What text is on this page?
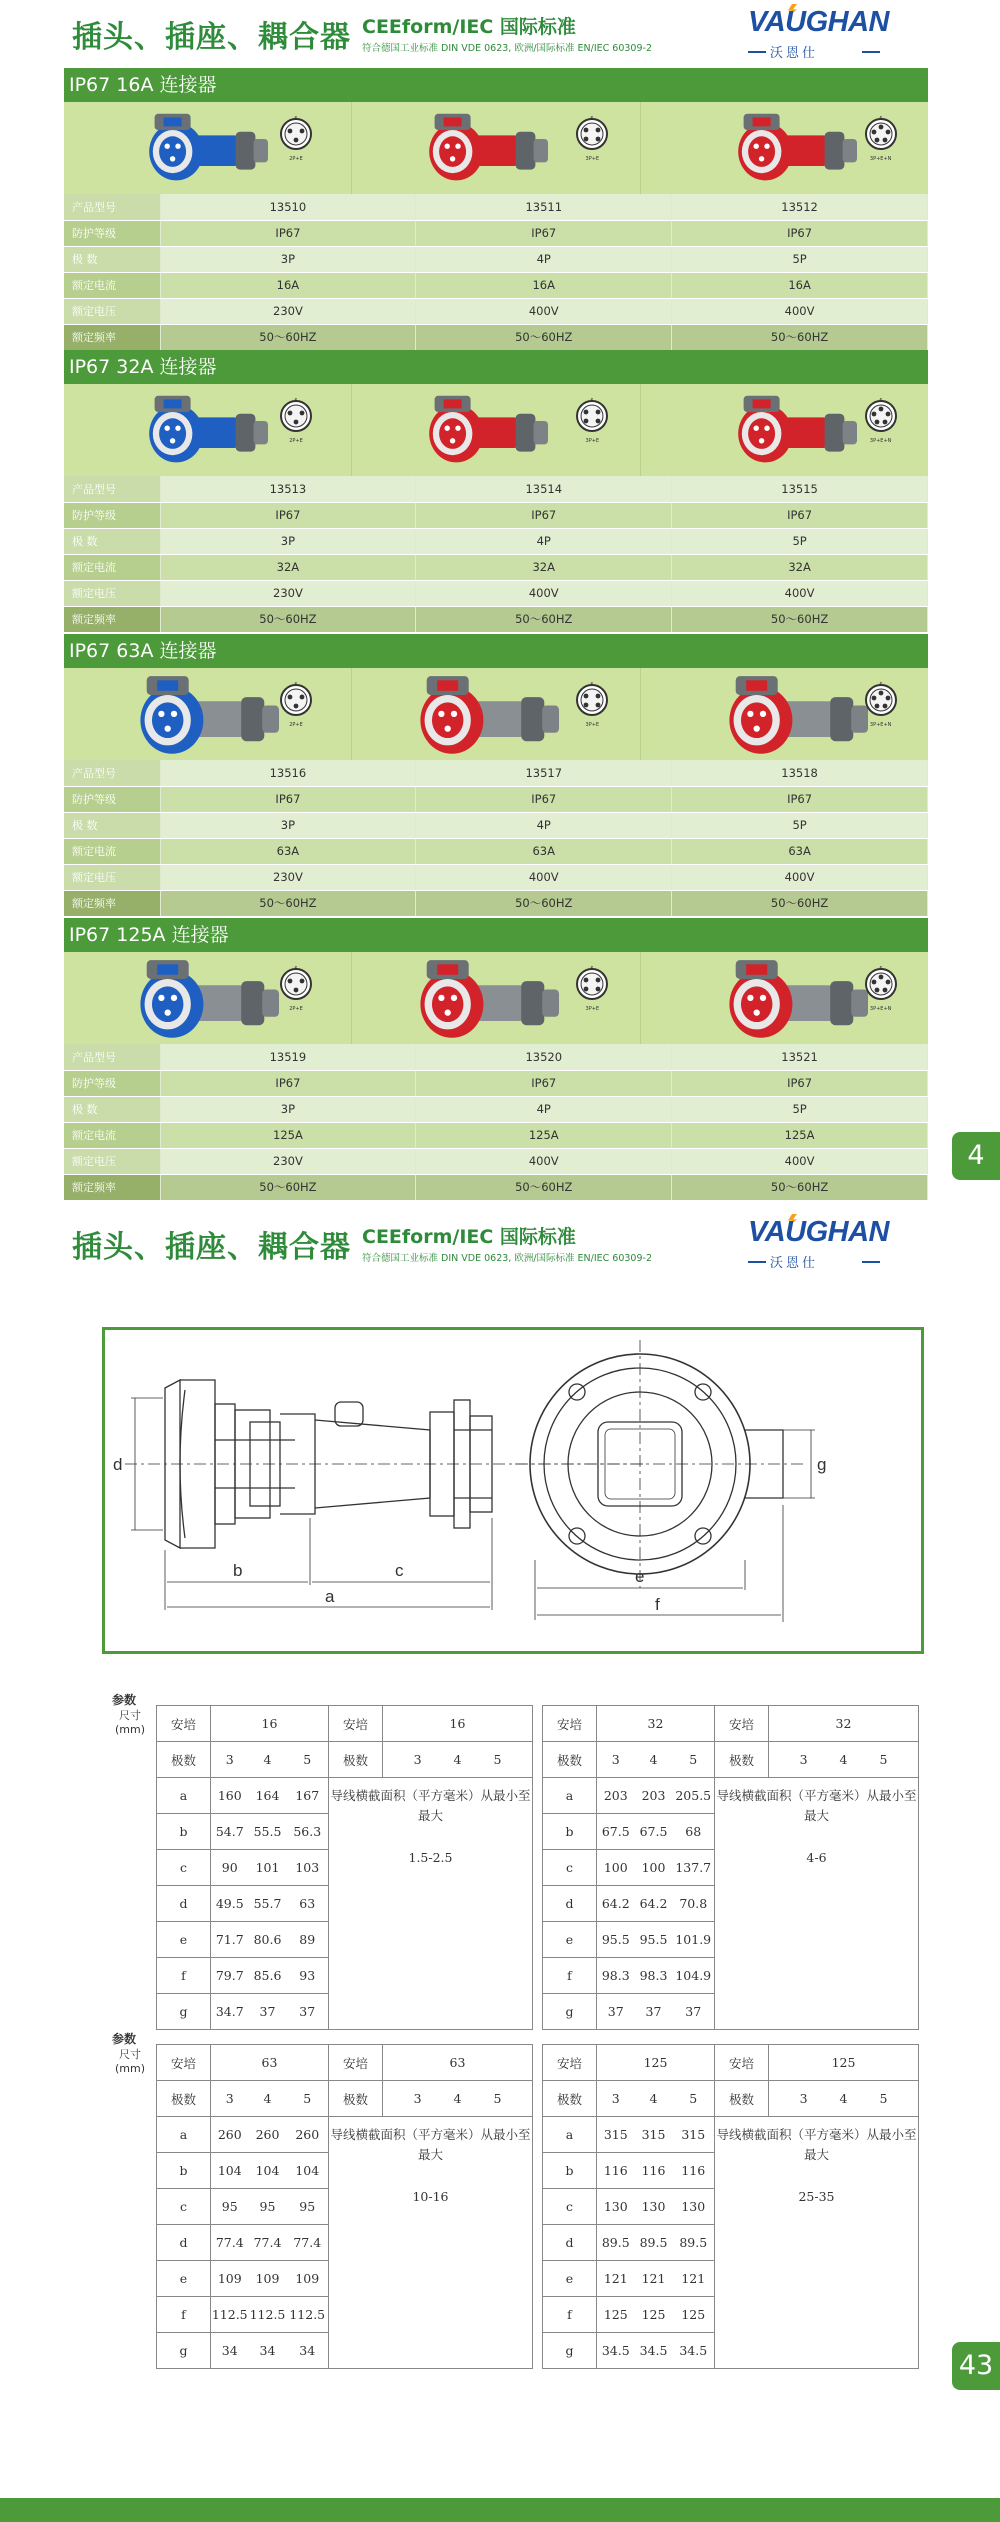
插头、插座、耦合器 CEEform/IEC 国际标准
符合德国工业标准 DIN VDE 0623, 欧洲/国际标准 EN/IEC 60309-2
VAUGHAN
沃恩仕
IP67 16A 连接器
6
2P+E
6
3P+E
6
3P+E+N
产品型号	13510	13511	13512
防护等级	IP67	IP67	IP67
极 数	3P	4P	5P
额定电流	16A	16A	16A
额定电压	230V	400V	400V
额定频率	50〜60HZ	50〜60HZ	50〜60HZ
IP67 32A 连接器
6
2P+E
6
3P+E
6
3P+E+N
产品型号	13513	13514	13515
防护等级	IP67	IP67	IP67
极 数	3P	4P	5P
额定电流	32A	32A	32A
额定电压	230V	400V	400V
额定频率	50〜60HZ	50〜60HZ	50〜60HZ
IP67 63A 连接器
6
2P+E
6
3P+E
6
3P+E+N
产品型号	13516	13517	13518
防护等级	IP67	IP67	IP67
极 数	3P	4P	5P
额定电流	63A	63A	63A
额定电压	230V	400V	400V
额定频率	50〜60HZ	50〜60HZ	50〜60HZ
IP67 125A 连接器
6
2P+E
6
3P+E
6
3P+E+N
产品型号	13519	13520	13521
防护等级	IP67	IP67	IP67
极 数	3P	4P	5P
额定电流	125A	125A	125A
额定电压	230V	400V	400V
额定频率	50〜60HZ	50〜60HZ	50〜60HZ
4
插头、插座、耦合器 CEEform/IEC 国际标准
符合德国工业标准 DIN VDE 0623, 欧洲/国际标准 EN/IEC 60309-2
VAUGHAN
沃恩仕
d
b	c
a
e
f
g
参数
尺寸(mm)	安培	16			安培	16
极数	3	4	5	极数	3 4 5
a	160	164	167	导线横截面积（平方毫米）从最小至最大	
b	54.7	55.5	56.3		
c	90	101	103	1.5-2.5	
d	49.5	55.7	63		
e	71.7	80.6	89		
f	79.7	85.6	93		
g	34.7	37	37		
安培	32			安培	32
极数	3	4	5	极数	3 4 5
a	203	203	205.5	导线横截面积（平方毫米）从最小至最大	
b	67.5	67.5	68		
c	100	100	137.7	4-6	
d	64.2	64.2	70.8		
e	95.5	95.5	101.9		
f	98.3	98.3	104.9		
g	37	37	37		
参数
尺寸(mm)	安培	63			安培	63
极数	3	4	5	极数	3 4 5
a	260	260	260	导线横截面积（平方毫米）从最小至最大	
b	104	104	104		
c	95	95	95	10-16	
d	77.4	77.4	77.4		
e	109	109	109		
f	112.5	112.5	112.5		
g	34	34	34		
安培	125			安培	125
极数	3	4	5	极数	3 4 5
a	315	315	315	导线横截面积（平方毫米）从最小至最大	
b	116	116	116		
c	130	130	130	25-35	
d	89.5	89.5	89.5		
e	121	121	121		
f	125	125	125		
g	34.5	34.5	34.5			43
